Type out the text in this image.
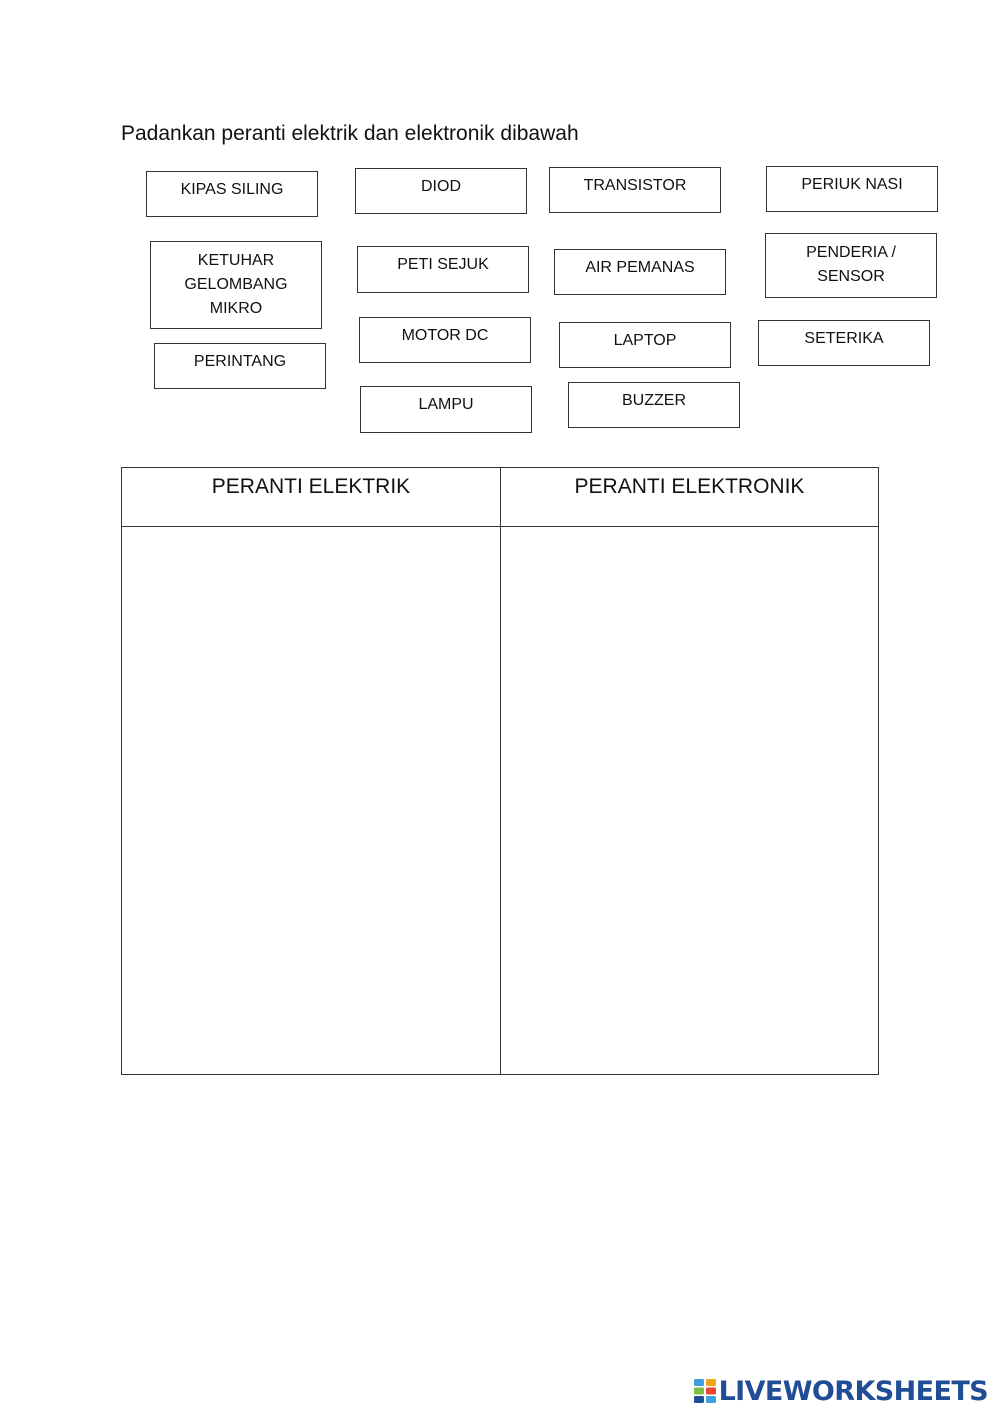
Padankan peranti elektrik dan elektronik dibawah
KIPAS SILING	DIOD	TRANSISTOR	PERIUK NASI
KETUHAR
GELOMBANG
MIKRO
PETI SEJUK	AIR PEMANAS
PENDERIA /
SENSOR
MOTOR DC	LAPTOP	SETERIKA
PERINTANG
LAMPU	BUZZER
PERANTI ELEKTRIK	PERANTI ELEKTRONIK
LIVEWORKSHEETS
